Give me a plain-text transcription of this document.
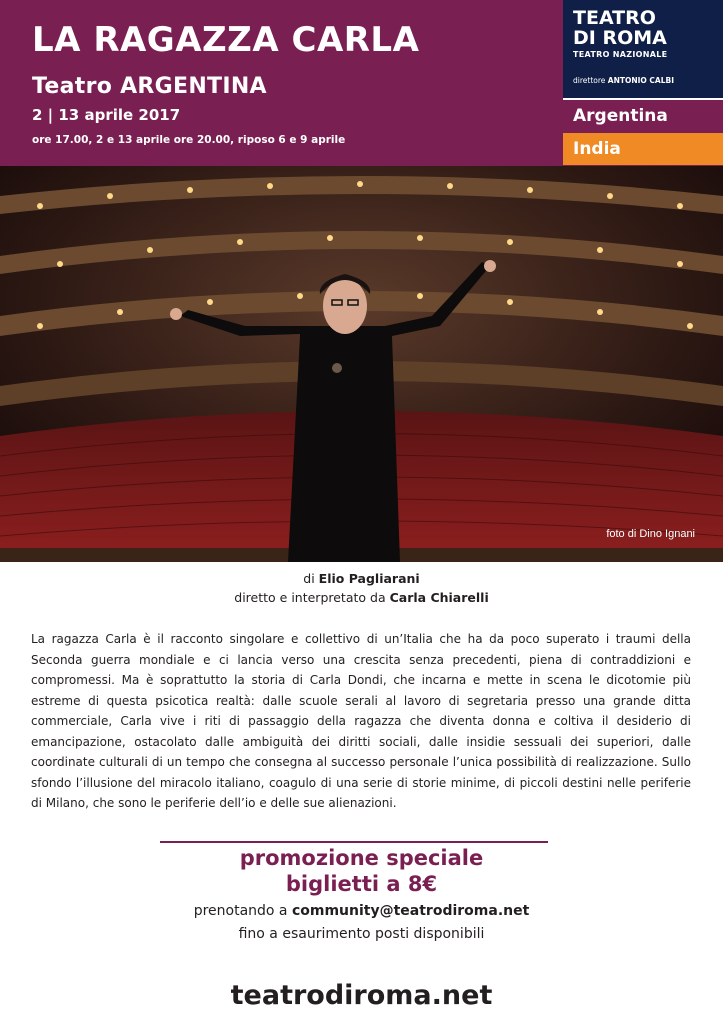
LA RAGAZZA CARLA
Teatro ARGENTINA
2 | 13 aprile 2017
ore 17.00, 2 e 13 aprile ore 20.00, riposo 6 e 9 aprile
TEATRO
DI ROMA
TEATRO NAZIONALE
direttore ANTONIO CALBI
Argentina
India
foto di Dino Ignani
di Elio Pagliarani
diretto e interpretato da Carla Chiarelli
La ragazza Carla è il racconto singolare e collettivo di un’Italia che ha da poco superato i traumi della Seconda guerra mondiale e ci lancia verso una crescita senza precedenti, piena di contraddizioni e compromessi. Ma è soprattutto la storia di Carla Dondi, che incarna e mette in scena le dicotomie più estreme di questa psicotica realtà: dalle scuole serali al lavoro di segretaria presso una grande ditta commerciale, Carla vive i riti di passaggio della ragazza che diventa donna e coltiva il desiderio di emancipazione, ostacolato dalle ambiguità dei diritti sociali, dalle insidie sessuali dei superiori, dalle coordinate culturali di un tempo che consegna al successo personale l’unica possibilità di realizzazione. Sullo sfondo l’illusione del miracolo italiano, coagulo di una serie di storie minime, di piccoli destini nelle periferie di Milano, che sono le periferie dell’io e delle sue alienazioni.
promozione speciale
biglietti a 8€
prenotando a community@teatrodiroma.net
fino a esaurimento posti disponibili
teatrodiroma.net
